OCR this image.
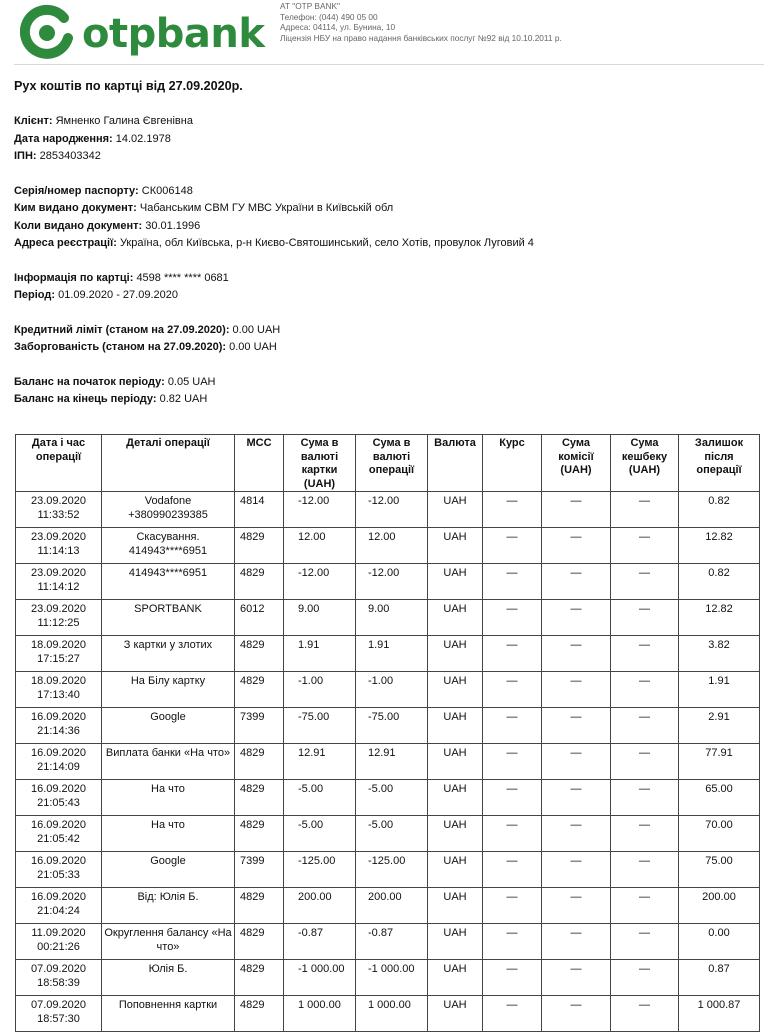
otpbank
АТ "OTP BANK"
Телефон: (044) 490 05 00
Адреса: 04114, ул. Бунина, 10
Ліцензія НБУ на право надання банківських послуг №92 від 10.10.2011 р.
Рух коштів по картці від 27.09.2020р.
Клієнт: Ямненко Галина Євгенівна
Дата народження: 14.02.1978
ІПН: 2853403342
Серія/номер паспорту: СК006148
Ким видано документ: Чабанським СВМ ГУ МВС України в Київській обл
Коли видано документ: 30.01.1996
Адреса реєстрації: Україна, обл Київська, р-н Києво-Святошинський, село Хотів, провулок Луговий 4
Інформація по картці: 4598 **** **** 0681
Період: 01.09.2020 - 27.09.2020
Кредитний ліміт (станом на 27.09.2020): 0.00 UAH
Заборгованість (станом на 27.09.2020): 0.00 UAH
Баланс на початок періоду: 0.05 UAH
Баланс на кінець періоду: 0.82 UAH
Дата і час операції	Деталі операції	MCC	Сума в валюті картки (UAH)	Сума в валюті операції	Валюта	Курс	Сума комісії (UAH)	Сума кешбеку (UAH)	Залишок після операції

23.09.2020
11:33:52	Vodafone +380990239385	4814	-12.00	-12.00	UAH	—	—	—	0.82

23.09.2020
11:14:13	Скасування. 414943****6951	4829	12.00	12.00	UAH	—	—	—	12.82

23.09.2020
11:14:12	414943****6951	4829	-12.00	-12.00	UAH	—	—	—	0.82

23.09.2020
11:12:25	SPORTBANK	6012	9.00	9.00	UAH	—	—	—	12.82

18.09.2020
17:15:27	З картки у злотих	4829	1.91	1.91	UAH	—	—	—	3.82

18.09.2020
17:13:40	На Білу картку	4829	-1.00	-1.00	UAH	—	—	—	1.91

16.09.2020
21:14:36	Google	7399	-75.00	-75.00	UAH	—	—	—	2.91

16.09.2020
21:14:09	Виплата банки «На что»	4829	12.91	12.91	UAH	—	—	—	77.91

16.09.2020
21:05:43	На что	4829	-5.00	-5.00	UAH	—	—	—	65.00

16.09.2020
21:05:42	На что	4829	-5.00	-5.00	UAH	—	—	—	70.00

16.09.2020
21:05:33	Google	7399	-125.00	-125.00	UAH	—	—	—	75.00

16.09.2020
21:04:24	Від: Юлія Б.	4829	200.00	200.00	UAH	—	—	—	200.00

11.09.2020
00:21:26	Округлення балансу «На что»	4829	-0.87	-0.87	UAH	—	—	—	0.00

07.09.2020
18:58:39	Юлія Б.	4829	-1 000.00	-1 000.00	UAH	—	—	—	0.87

07.09.2020
18:57:30	Поповнення картки	4829	1 000.00	1 000.00	UAH	—	—	—	1 000.87
